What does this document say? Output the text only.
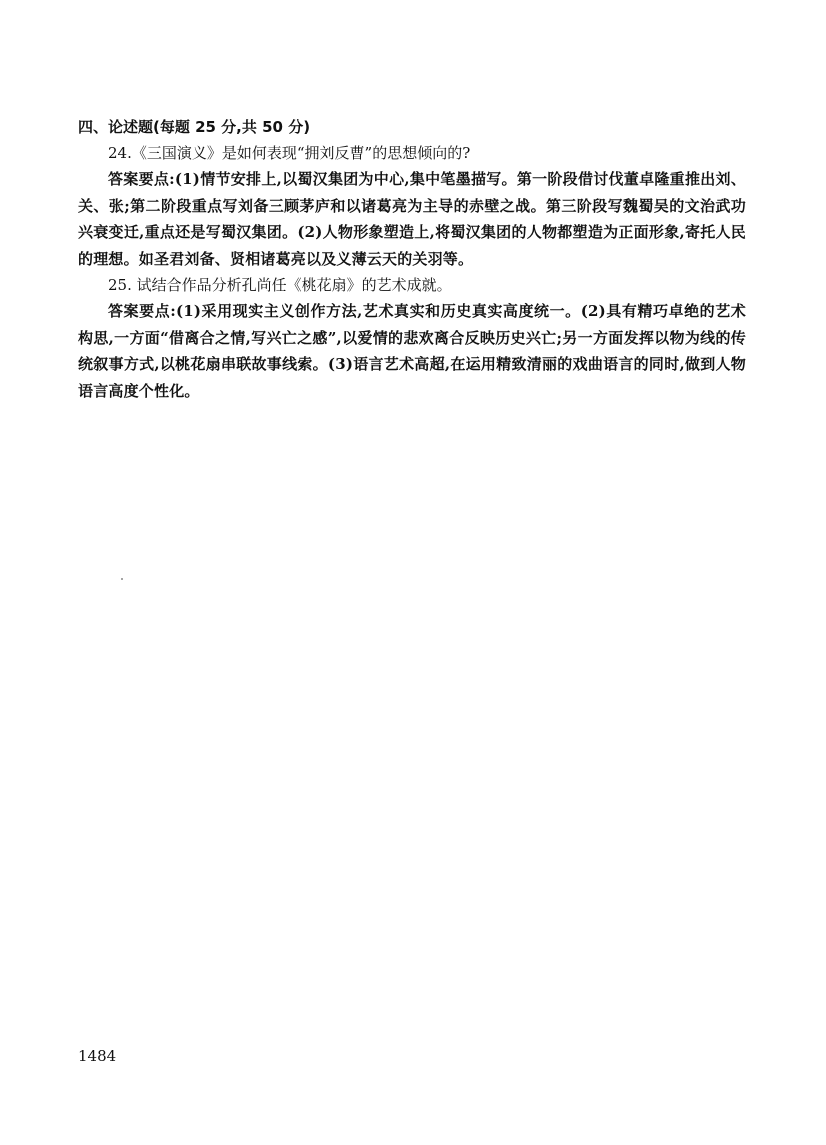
四、论述题(每题 25 分,共 50 分)

24.《三国演义》是如何表现“拥刘反曹”的思想倾向的?

答案要点:(1)情节安排上,以蜀汉集团为中心,集中笔墨描写。第一阶段借讨伐董卓隆重推出刘、关、张;第二阶段重点写刘备三顾茅庐和以诸葛亮为主导的赤壁之战。第三阶段写魏蜀吴的文治武功兴衰变迁,重点还是写蜀汉集团。(2)人物形象塑造上,将蜀汉集团的人物都塑造为正面形象,寄托人民的理想。如圣君刘备、贤相诸葛亮以及义薄云天的关羽等。

25. 试结合作品分析孔尚任《桃花扇》的艺术成就。

答案要点:(1)采用现实主义创作方法,艺术真实和历史真实高度统一。(2)具有精巧卓绝的艺术构思,一方面“借离合之情,写兴亡之感”,以爱情的悲欢离合反映历史兴亡;另一方面发挥以物为线的传统叙事方式,以桃花扇串联故事线索。(3)语言艺术高超,在运用精致清丽的戏曲语言的同时,做到人物语言高度个性化。

1484
